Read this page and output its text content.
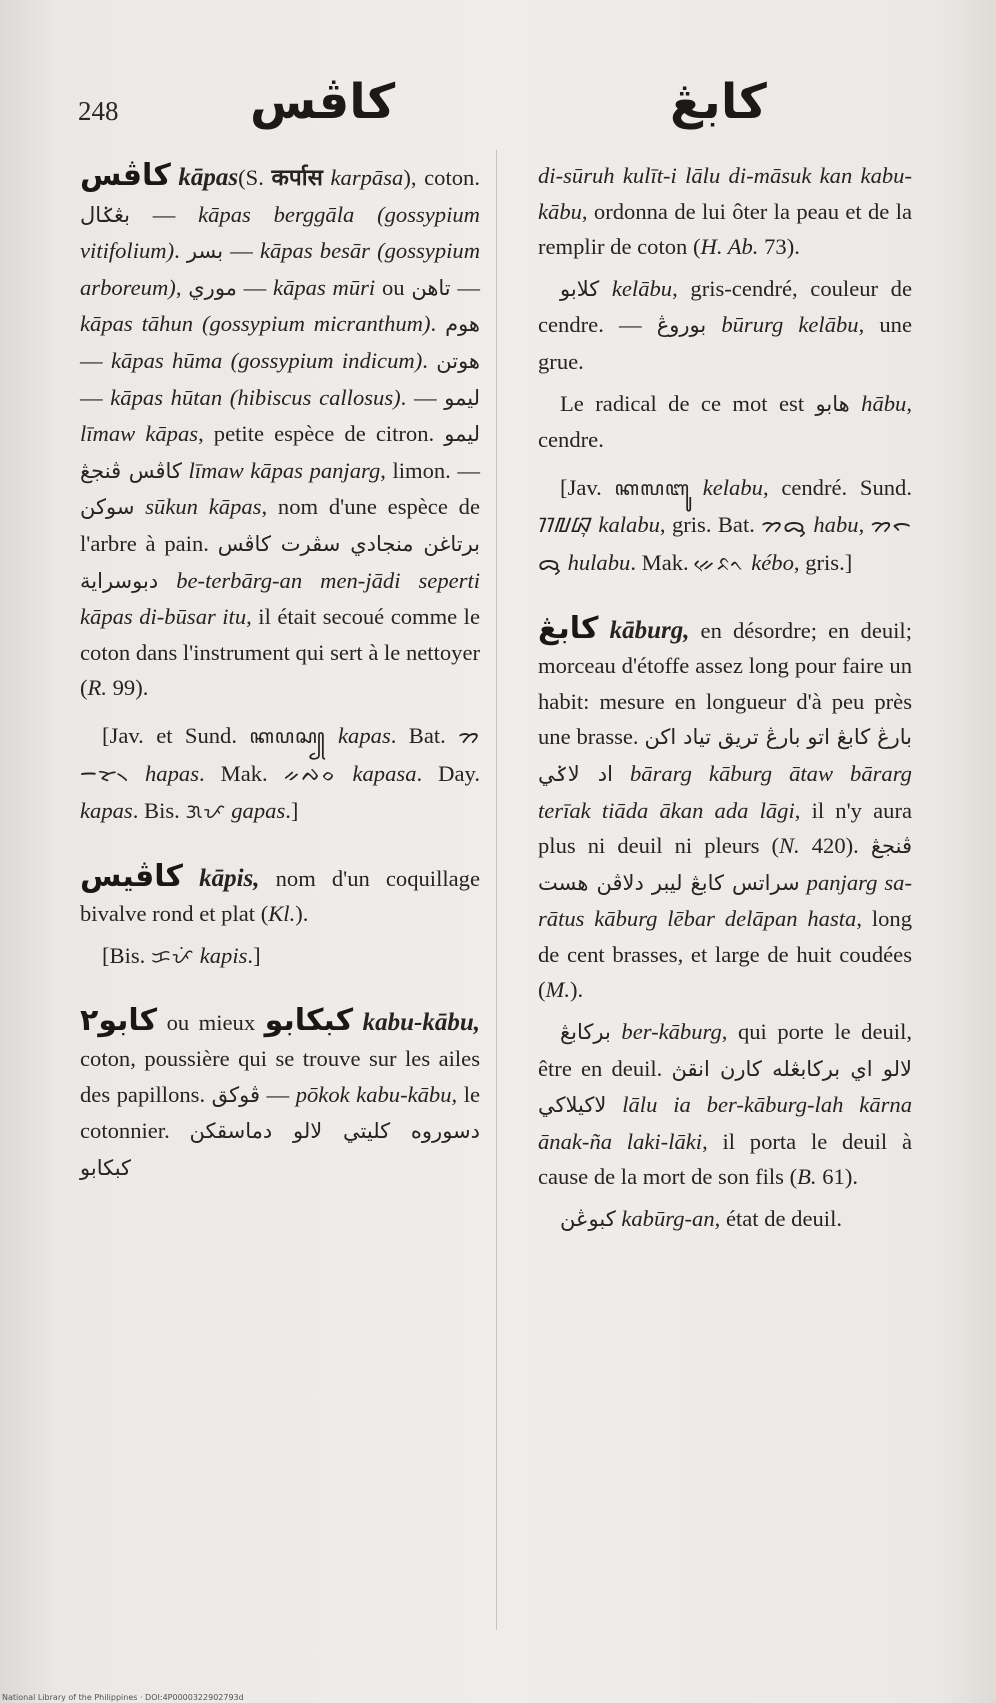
248	كاڤس	كابڠ

كاڤس kāpas(S. कर्पास karpāsa), coton. بڠݢال — kāpas berggāla (gossypium vitifolium). بسر — kāpas besār (gossypium arboreum), موري — kāpas mūri ou تاهن — kāpas tāhun (gossypium micranthum). هوم — kāpas hūma (gossypium indicum). هوتن — kāpas hūtan (hibiscus callosus). — ليمو līmaw kāpas, petite espèce de citron. ليمو كاڤس ڤنجڠ līmaw kāpas panjarg, limon. — سوكن sūkun kāpas, nom d'une espèce de l'arbre à pain. برتاغن منجادي سڤرت كاڤس دبوسراية be-terbārg-an men-jādi seperti kāpas di-būsar itu, il était secoué comme le coton dans l'instrument qui sert à le nettoyer (R. 99).

[Jav. et Sund. ꦏꦥꦱ꧀ kapas. Bat. ᯂᯇᯘ᯲ hapas. Mak. ᨀᨄᨔ kapasa. Day. kapas. Bis. ᜄᜉ gapas.]

كاڤيس kāpis, nom d'un coquillage bivalve rond et plat (Kl.).

[Bis. ᜃᜉᜒ kapis.]

كابو٢ ou mieux كبكابو kabu-kābu, coton, poussière qui se trouve sur les ailes des papillons. ڤوكق — pōkok kabu-kābu, le cotonnier. دسوروه كليتي لالو دماسقكن كبكابو

di-sūruh kulīt-i lālu di-māsuk kan kabu-kābu, ordonna de lui ôter la peau et de la remplir de coton (H. Ab. 73).

كلابو kelābu, gris-cendré, couleur de cendre. — بوروڠ būrurg kelābu, une grue.

Le radical de ce mot est هابو hābu, cendre.

[Jav. ꦏꦭꦧꦸ kelabu, cendré. Sund. ᮊᮜᮘᮥ kalabu, gris. Bat. ᯂᯅᯮ habu, ᯂᯞᯅᯮ hulabu. Mak. ᨀᨙᨅᨚ kébo, gris.]

كابڠ kāburg, en désordre; en deuil; morceau d'étoffe assez long pour faire un habit: mesure en longueur d'à peu près une brasse. بارڠ كابڠ اتو بارڠ تريق تياد اكن اد لاݢي bārarg kāburg ātaw bārarg terīak tiāda ākan ada lāgi, il n'y aura plus ni deuil ni pleurs (N. 420). ڤنجڠ سراتس كابڠ ليبر دلاڤن هست panjarg sa-rātus kāburg lēbar delāpan hasta, long de cent brasses, et large de huit coudées (M.).

بركابڠ ber-kāburg, qui porte le deuil, être en deuil. لالو اي بركابڠله كارن انقڽ لاكيلاكي lālu ia ber-kāburg-lah kārna ānak-ña laki-lāki, il porta le deuil à cause de la mort de son fils (B. 61).

كبوڠن kabūrg-an, état de deuil.

National Library of the Philippines · DOI:4P0000322902793d
